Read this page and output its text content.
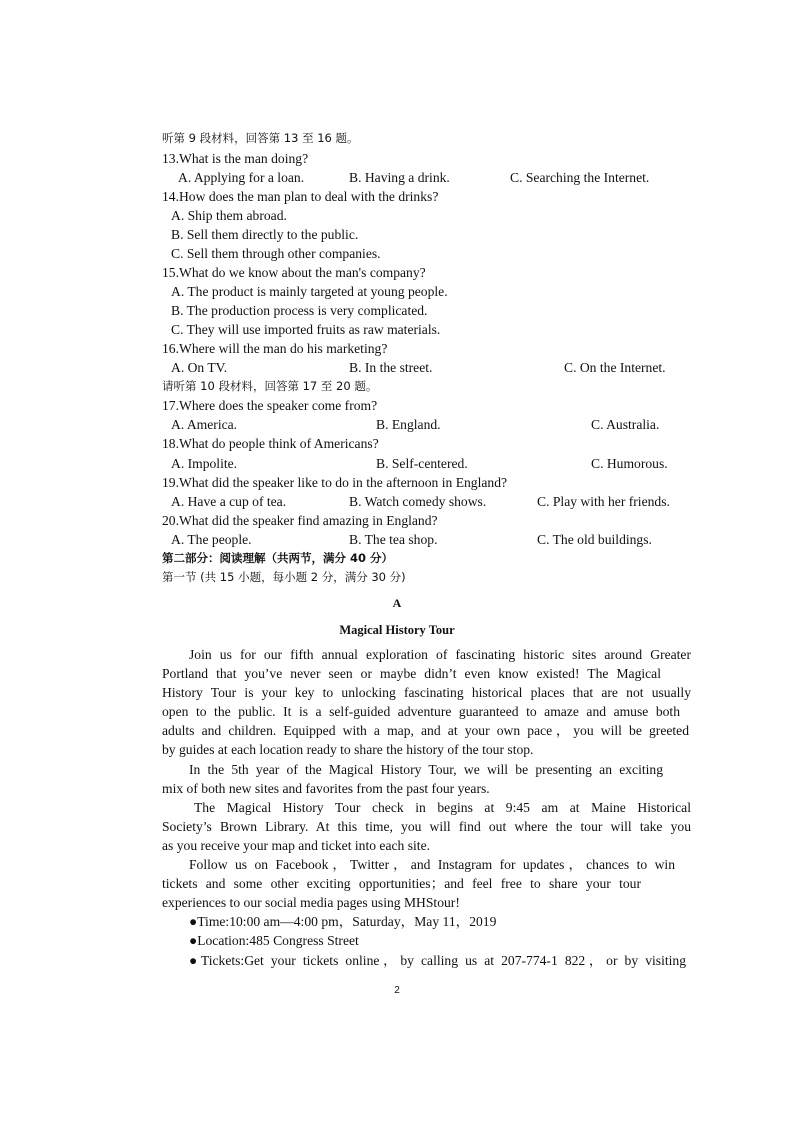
听第 9 段材料，回答第 13 至 16 题。
13.What is the man doing?
A. Applying for a loan.	B. Having a drink.	C. Searching the Internet.
14.How does the man plan to deal with the drinks?
A. Ship them abroad.
B. Sell them directly to the public.
C. Sell them through other companies.
15.What do we know about the man's company?
A. The product is mainly targeted at young people.
B. The production process is very complicated.
C. They will use imported fruits as raw materials.
16.Where will the man do his marketing?
A. On TV.	B. In the street.	C. On the Internet.
请听第 10 段材料，回答第 17 至 20 题。
17.Where does the speaker come from?
A. America.	B. England.	C. Australia.
18.What do people think of Americans?
A. Impolite.	B. Self-centered.	C. Humorous.
19.What did the speaker like to do in the afternoon in England?
A. Have a cup of tea.	B. Watch comedy shows.	C. Play with her friends.
20.What did the speaker find amazing in England?
A. The people.	B. The tea shop.	C. The old buildings.
第二部分：阅读理解（共两节，满分 40 分）
第一节 (共 15 小题，每小题 2 分，满分 30 分)
A
Magical History Tour
Join us for our fifth annual exploration of fascinating historic sites around Greater
Portland that you’ve never seen or maybe didn’t even know existed! The Magical
History Tour is your key to unlocking fascinating historical places that are not usually
open to the public. It is a self-guided adventure guaranteed to amaze and amuse both
adults and children. Equipped with a map, and at your own pace，you will be greeted
by guides at each location ready to share the history of the tour stop.
In the 5th year of the Magical History Tour, we will be presenting an exciting
mix of both new sites and favorites from the past four years.
The Magical History Tour check in begins at 9:45 am at Maine Historical
Society’s Brown Library. At this time, you will find out where the tour will take you
as you receive your map and ticket into each site.
Follow us on Facebook，Twitter，and Instagram for updates，chances to win
tickets and some other exciting opportunities；and feel free to share your tour
experiences to our social media pages using MHStour!
●Time:10:00 am—4:00 pm，Saturday，May 11，2019
●Location:485 Congress Street
●Tickets:Get your tickets online，by calling us at 207-774-1 822，or by visiting
2
